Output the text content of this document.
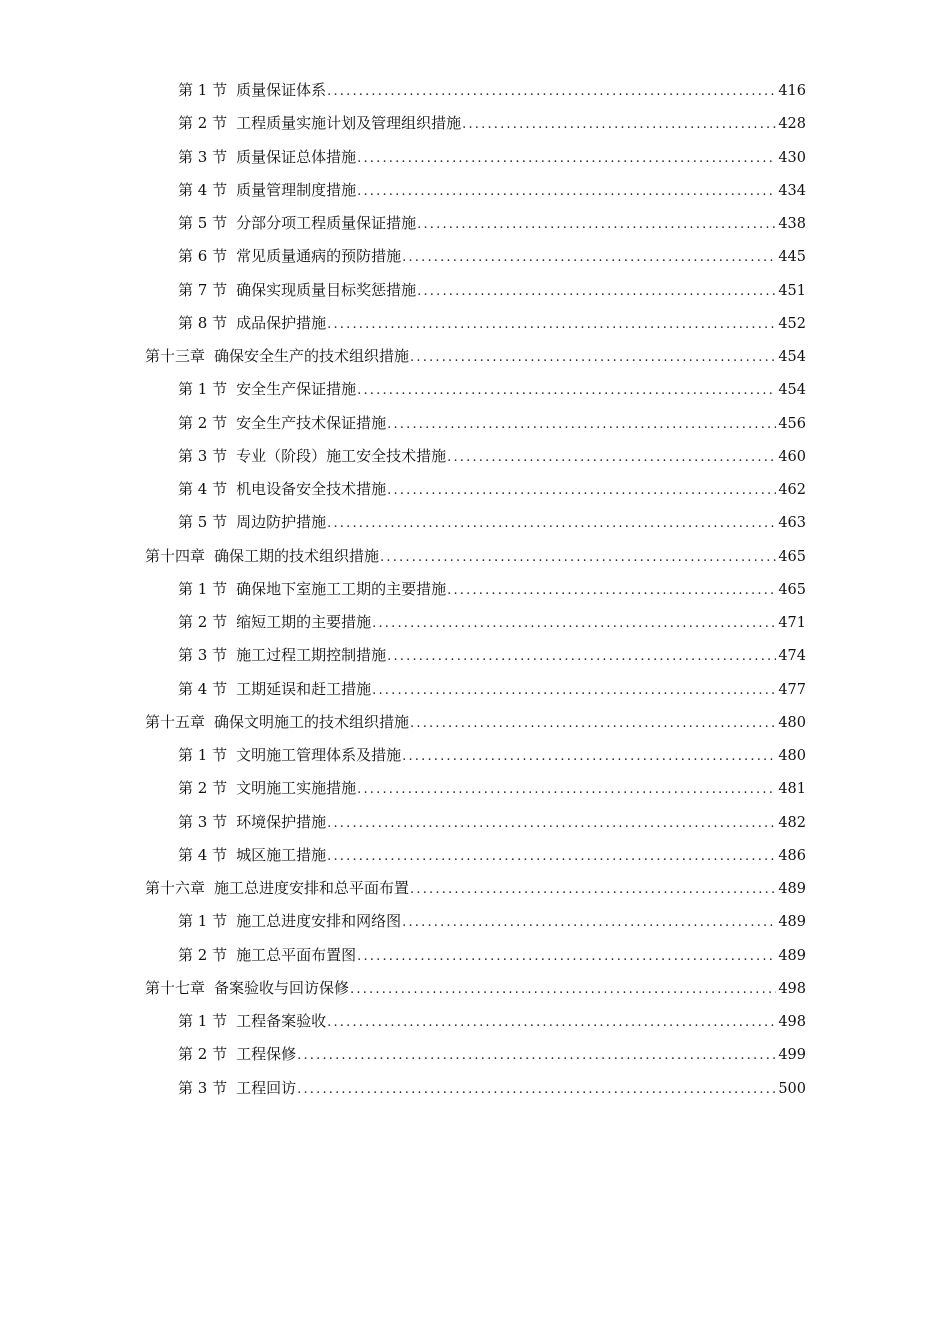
第 1 节 质量保证体系 .....	416
第 2 节 工程质量实施计划及管理组织措施 .....	428
第 3 节 质量保证总体措施 .....	430
第 4 节 质量管理制度措施 .....	434
第 5 节 分部分项工程质量保证措施 .....	438
第 6 节 常见质量通病的预防措施 .....	445
第 7 节 确保实现质量目标奖惩措施 .....	451
第 8 节 成品保护措施 .....	452
第十三章 确保安全生产的技术组织措施 .....	454
第 1 节 安全生产保证措施 .....	454
第 2 节 安全生产技术保证措施 .....	456
第 3 节 专业（阶段）施工安全技术措施 .....	460
第 4 节 机电设备安全技术措施 .....	462
第 5 节 周边防护措施 .....	463
第十四章 确保工期的技术组织措施 .....	465
第 1 节 确保地下室施工工期的主要措施 .....	465
第 2 节 缩短工期的主要措施 .....	471
第 3 节 施工过程工期控制措施 .....	474
第 4 节 工期延误和赶工措施 .....	477
第十五章 确保文明施工的技术组织措施 .....	480
第 1 节 文明施工管理体系及措施 .....	480
第 2 节 文明施工实施措施 .....	481
第 3 节 环境保护措施 .....	482
第 4 节 城区施工措施 .....	486
第十六章 施工总进度安排和总平面布置 .....	489
第 1 节 施工总进度安排和网络图 .....	489
第 2 节 施工总平面布置图 .....	489
第十七章 备案验收与回访保修 .....	498
第 1 节 工程备案验收 .....	498
第 2 节 工程保修 .....	499
第 3 节 工程回访 .....	500
